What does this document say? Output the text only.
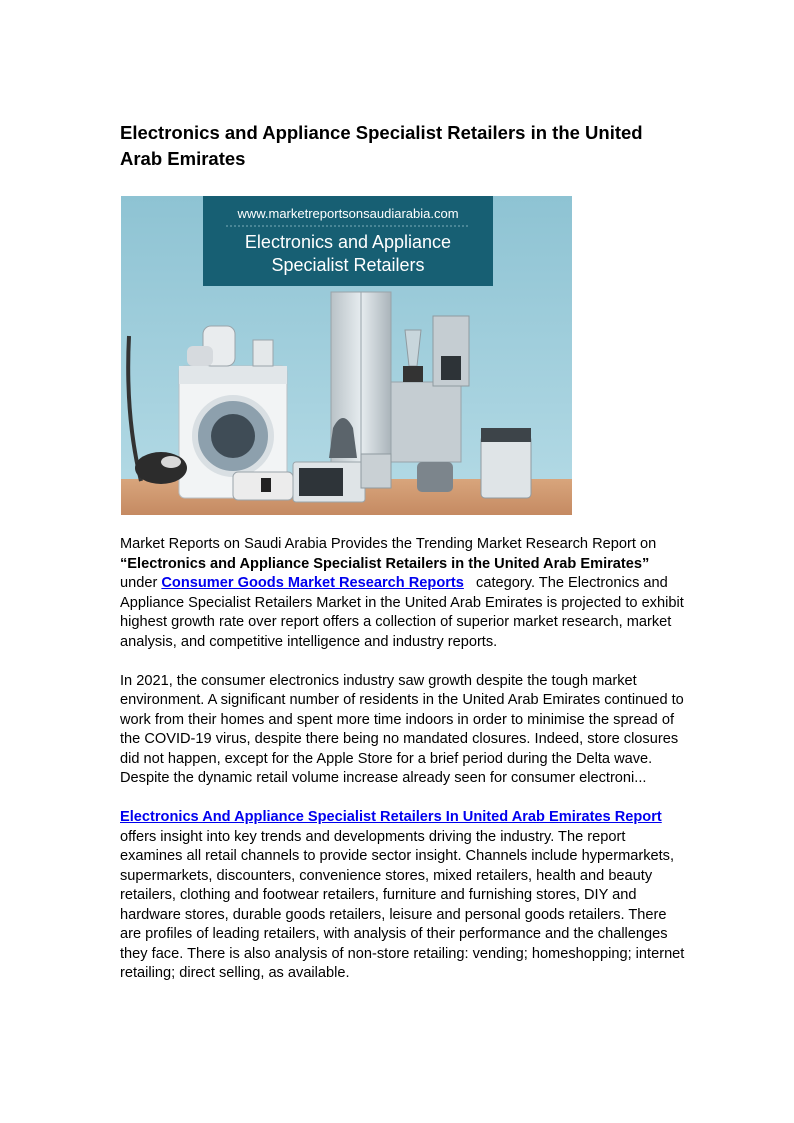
Electronics and Appliance Specialist Retailers in the United Arab Emirates
www.marketreportsonsaudiarabia.com
Electronics and Appliance
Specialist Retailers

Market Reports on Saudi Arabia Provides the Trending Market Research Report on “Electronics and Appliance Specialist Retailers in the United Arab Emirates” under Consumer Goods Market Research Reports   category. The Electronics and Appliance Specialist Retailers Market in the United Arab Emirates is projected to exhibit highest growth rate over report offers a collection of superior market research, market analysis, and competitive intelligence and industry reports.

In 2021, the consumer electronics industry saw growth despite the tough market environment. A significant number of residents in the United Arab Emirates continued to work from their homes and spent more time indoors in order to minimise the spread of the COVID-19 virus, despite there being no mandated closures. Indeed, store closures did not happen, except for the Apple Store for a brief period during the Delta wave. Despite the dynamic retail volume increase already seen for consumer electroni...

Electronics And Appliance Specialist Retailers In United Arab Emirates Report offers insight into key trends and developments driving the industry. The report examines all retail channels to provide sector insight. Channels include hypermarkets, supermarkets, discounters, convenience stores, mixed retailers, health and beauty retailers, clothing and footwear retailers, furniture and furnishing stores, DIY and hardware stores, durable goods retailers, leisure and personal goods retailers. There are profiles of leading retailers, with analysis of their performance and the challenges they face. There is also analysis of non-store retailing: vending; homeshopping; internet retailing; direct selling, as available.
